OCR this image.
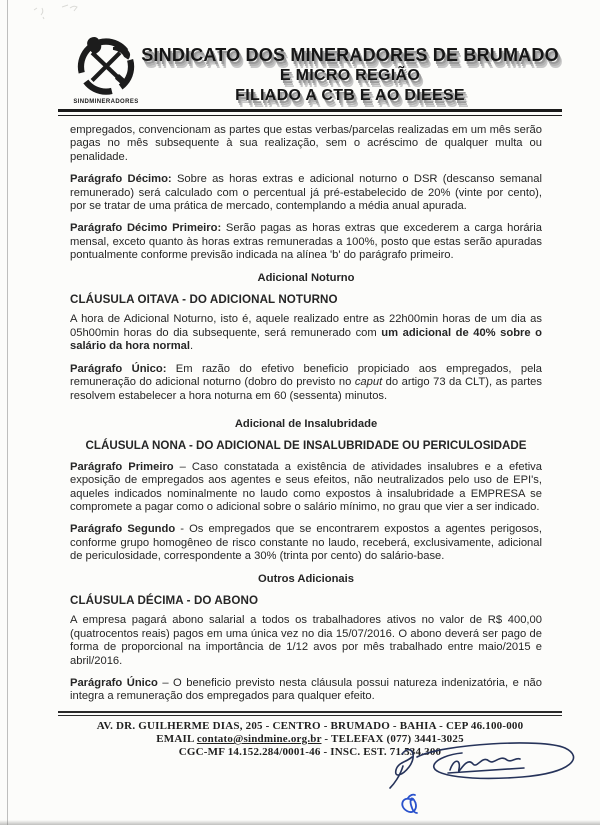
SINDMINERADORES
SINDICATO DOS MINERADORES DE BRUMADO
E MICRO REGIÃO
FILIADO A CTB E AO DIEESE

empregados, convencionam as partes que estas verbas/parcelas realizadas em um mês serão pagas no mês subsequente à sua realização, sem o acréscimo de qualquer multa ou penalidade.

Parágrafo Décimo: Sobre as horas extras e adicional noturno o DSR (descanso semanal remunerado) será calculado com o percentual já pré-estabelecido de 20% (vinte por cento), por se tratar de uma prática de mercado, contemplando a média anual apurada.

Parágrafo Décimo Primeiro: Serão pagas as horas extras que excederem a carga horária mensal, exceto quanto às horas extras remuneradas a 100%, posto que estas serão apuradas pontualmente conforme previsão indicada na alínea 'b' do parágrafo primeiro.

Adicional Noturno
CLÁUSULA OITAVA - DO ADICIONAL NOTURNO

A hora de Adicional Noturno, isto é, aquele realizado entre as 22h00min horas de um dia as 05h00min horas do dia subsequente, será remunerado com um adicional de 40% sobre o salário da hora normal.

Parágrafo Único: Em razão do efetivo beneficio propiciado aos empregados, pela remuneração do adicional noturno (dobro do previsto no caput do artigo 73 da CLT), as partes resolvem estabelecer a hora noturna em 60 (sessenta) minutos.

Adicional de Insalubridade
CLÁUSULA NONA - DO ADICIONAL DE INSALUBRIDADE OU PERICULOSIDADE

Parágrafo Primeiro – Caso constatada a existência de atividades insalubres e a efetiva exposição de empregados aos agentes e seus efeitos, não neutralizados pelo uso de EPI's, aqueles indicados nominalmente no laudo como expostos à insalubridade a EMPRESA se compromete a pagar como o adicional sobre o salário mínimo, no grau que vier a ser indicado.

Parágrafo Segundo - Os empregados que se encontrarem expostos a agentes perigosos, conforme grupo homogêneo de risco constante no laudo, receberá, exclusivamente, adicional de periculosidade, correspondente a 30% (trinta por cento) do salário-base.

Outros Adicionais
CLÁUSULA DÉCIMA - DO ABONO

A empresa pagará abono salarial a todos os trabalhadores ativos no valor de R$ 400,00 (quatrocentos reais) pagos em uma única vez no dia 15/07/2016. O abono deverá ser pago de forma de proporcional na importância de 1/12 avos por mês trabalhado entre maio/2015 e abril/2016.

Parágrafo Único – O beneficio previsto nesta cláusula possui natureza indenizatória, e não integra a remuneração dos empregados para qualquer efeito.

AV. DR. GUILHERME DIAS, 205 - CENTRO - BRUMADO - BAHIA - CEP 46.100-000
EMAIL contato@sindmine.org.br - TELEFAX (077) 3441-3025
CGC-MF 14.152.284/0001-46 - INSC. EST. 71.534.300
